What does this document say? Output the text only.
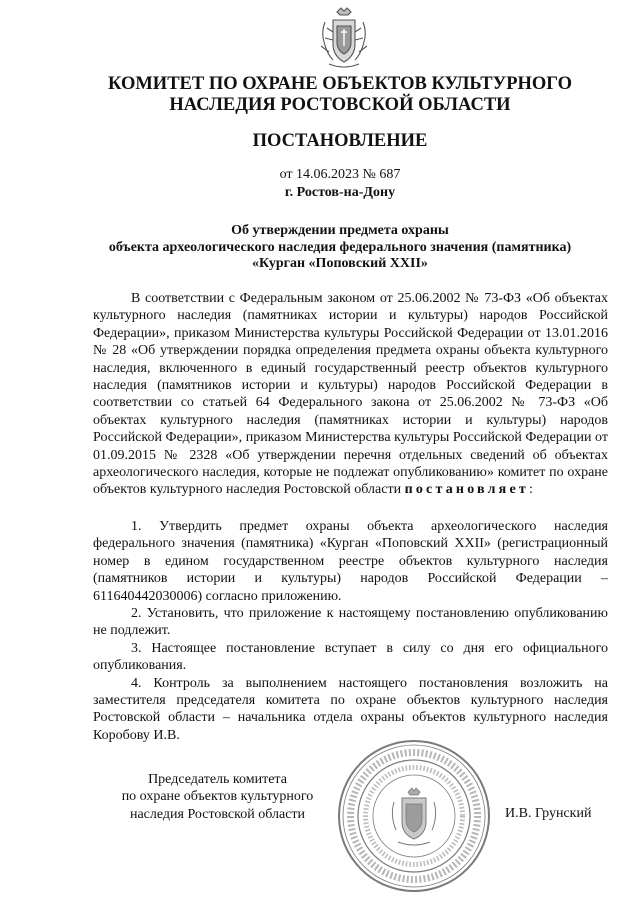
КОМИТЕТ ПО ОХРАНЕ ОБЪЕКТОВ КУЛЬТУРНОГО
НАСЛЕДИЯ РОСТОВСКОЙ ОБЛАСТИ
ПОСТАНОВЛЕНИЕ
от 14.06.2023 № 687
г. Ростов-на-Дону
Об утверждении предмета охраны
объекта археологического наследия федерального значения (памятника)
«Курган «Поповский XXII»

В соответствии с Федеральным законом от 25.06.2002 № 73-ФЗ «Об объектах культурного наследия (памятниках истории и культуры) народов Российской Федерации», приказом Министерства культуры Российской Федерации от 13.01.2016 № 28 «Об утверждении порядка определения предмета охраны объекта культурного наследия, включенного в единый государственный реестр объектов культурного наследия (памятников истории и культуры) народов Российской Федерации в соответствии со статьей 64 Федерального закона от 25.06.2002 № 73-ФЗ «Об объектах культурного наследия (памятниках истории и культуры) народов Российской Федерации», приказом Министерства культуры Российской Федерации от 01.09.2015 № 2328 «Об утверждении перечня отдельных сведений об объектах археологического наследия, которые не подлежат опубликованию» комитет по охране объектов культурного наследия Ростовской области постановляет:

1. Утвердить предмет охраны объекта археологического наследия федерального значения (памятника) «Курган «Поповский XXII» (регистрационный номер в едином государственном реестре объектов культурного наследия (памятников истории и культуры) народов Российской Федерации – 611640442030006) согласно приложению.
2. Установить, что приложение к настоящему постановлению опубликованию не подлежит.
3. Настоящее постановление вступает в силу со дня его официального опубликования.
4. Контроль за выполнением настоящего постановления возложить на заместителя председателя комитета по охране объектов культурного наследия Ростовской области – начальника отдела охраны объектов культурного наследия Коробову И.В.
Председатель комитета
по охране объектов культурного
наследия Ростовской области	И.В. Грунский
